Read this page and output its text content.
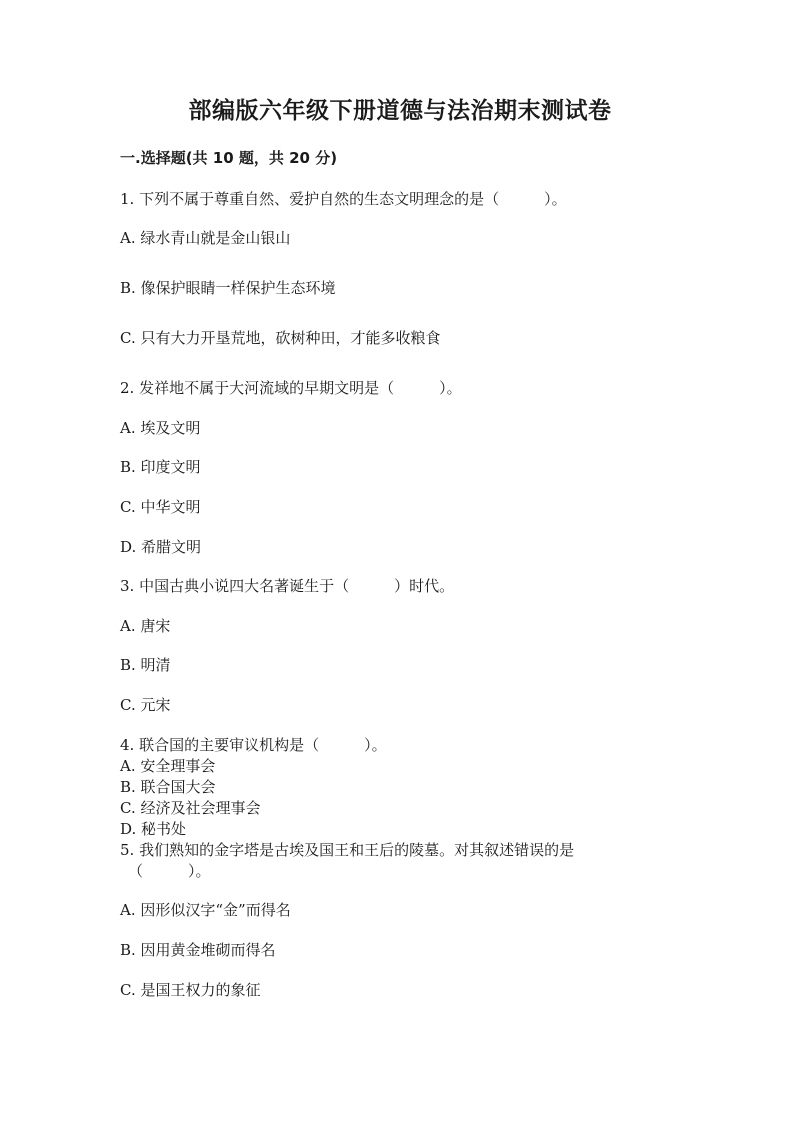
部编版六年级下册道德与法治期末测试卷
一.选择题(共 10 题，共 20 分)
1. 下列不属于尊重自然、爱护自然的生态文明理念的是（　　　）。
A. 绿水青山就是金山银山
B. 像保护眼睛一样保护生态环境
C. 只有大力开垦荒地，砍树种田，才能多收粮食
2. 发祥地不属于大河流域的早期文明是（　　　）。
A. 埃及文明
B. 印度文明
C. 中华文明
D. 希腊文明
3. 中国古典小说四大名著诞生于（　　　）时代。
A. 唐宋
B. 明清
C. 元宋
4. 联合国的主要审议机构是（　　　）。
A. 安全理事会
B. 联合国大会
C. 经济及社会理事会
D. 秘书处
5. 我们熟知的金字塔是古埃及国王和王后的陵墓。对其叙述错误的是
（　　　）。
A. 因形似汉字“金”而得名
B. 因用黄金堆砌而得名
C. 是国王权力的象征
